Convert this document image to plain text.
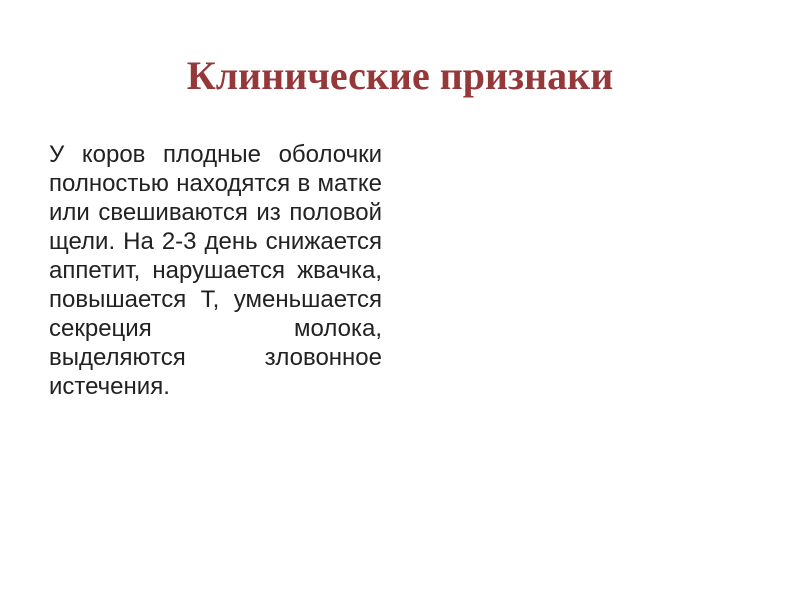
Клинические признаки

У коров плодные оболочки полностью находятся в матке или свешиваются из половой щели. На 2-3 день снижается аппетит, нарушается жвачка, повышается Т, уменьшается секреция молока, выделяются зловонное истечения.
